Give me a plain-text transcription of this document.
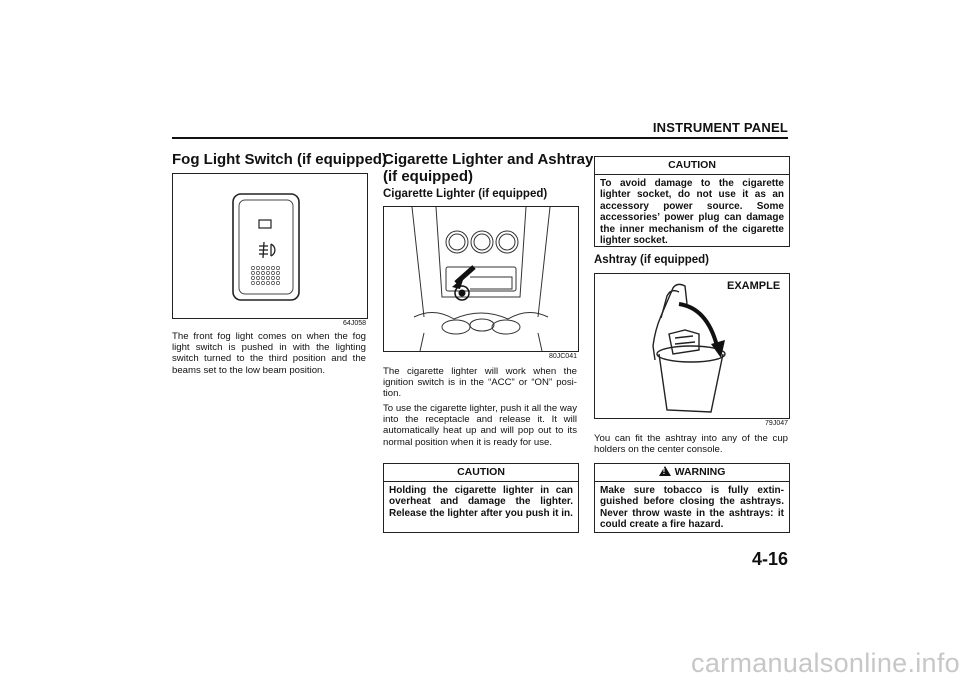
INSTRUMENT PANEL
Fog Light Switch (if equipped)
64J058
The front fog light comes on when the fog light switch is pushed in with the lighting switch turned to the third position and the beams set to the low beam position.
Cigarette Lighter and Ashtray
(if equipped)
Cigarette Lighter (if equipped)
80JC041
The cigarette lighter will work when the ignition switch is in the “ACC” or “ON” posi-tion.
To use the cigarette lighter, push it all the way into the receptacle and release it. It will automatically heat up and will pop out to its normal position when it is ready for use.
CAUTION
Holding the cigarette lighter in can overheat and damage the lighter. Release the lighter after you push it in.
CAUTION
To avoid damage to the cigarette lighter socket, do not use it as an accessory power source. Some accessories’ power plug can damage the inner mechanism of the cigarette lighter socket.
Ashtray (if equipped)
EXAMPLE
79J047
You can fit the ashtray into any of the cup holders on the center console.
! WARNING
Make sure tobacco is fully extin-guished before closing the ashtrays. Never throw waste in the ashtrays: it could create a fire hazard.
4-16
carmanualsonline.info
